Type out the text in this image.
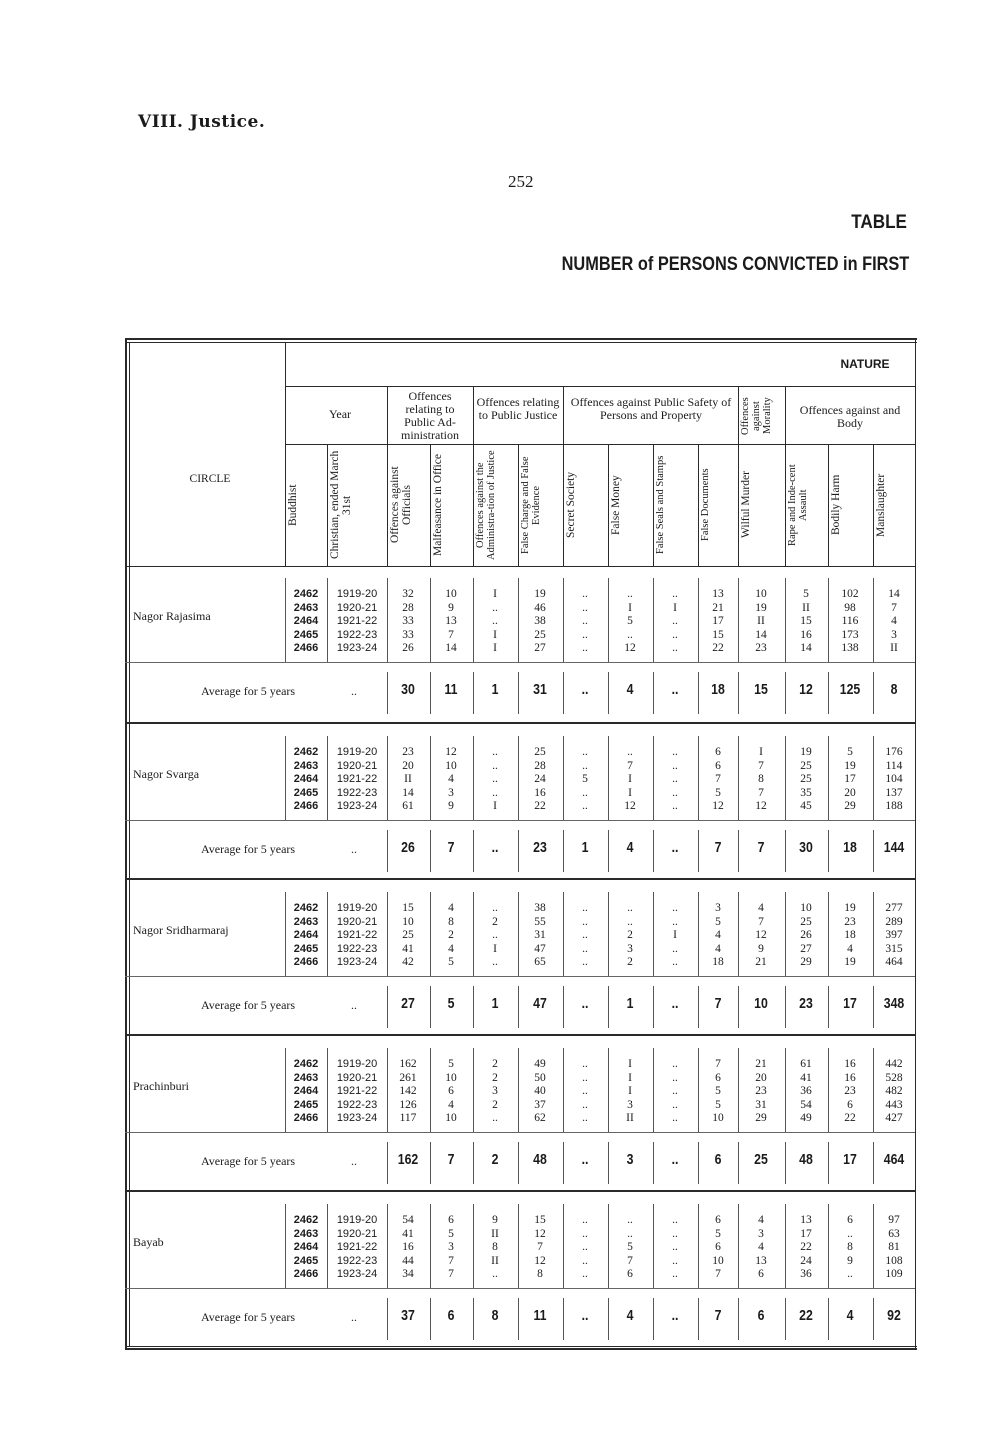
VIII. Justice.
252
TABLE
NUMBER of PERSONS CONVICTED in FIRST
NATURE
CIRCLE
Year
Offences relating to Public Ad-ministration
Offences relating to Public Justice
Offences against Public Safety of Persons and Property	Offences against Morality	Offences against and Body
Buddhist	Christian, ended March 31st	Offences against Officials	Malfeasance in Office	Offences against the Administra-tion of Justice	False Charge and False Evidence	Secret Society	False Money	False Seals and Stamps	False Documents	Wilful Murder	Rape and Inde-cent Assault	Bodily Harm	Manslaughter
Nagor Rajasima
2462	1919-20	32	10	I	19	..	..	..	13	10	5	102	14
2463	1920-21	28	9	..	46	..	I	I	21	19	II	98	7
2464	1921-22	33	13	..	38	..	5	..	17	II	15	116	4
2465	1922-23	33	7	I	25	..	..	..	15	14	16	173	3
2466	1923-24	26	14	I	27	..	12	..	22	23	14	138	II
Average for 5 years	..	30	11	1	31	..	4	..	18	15	12	125	8
Nagor Svarga
2462	1919-20	23	12	..	25	..	..	..	6	I	19	5	176
2463	1920-21	20	10	..	28	..	7	..	6	7	25	19	114
2464	1921-22	II	4	..	24	5	I	..	7	8	25	17	104
2465	1922-23	14	3	..	16	..	I	..	5	7	35	20	137
2466	1923-24	61	9	I	22	..	12	..	12	12	45	29	188
Average for 5 years	..	26	7	..	23	1	4	..	7	7	30	18	144
Nagor Sridharmaraj
2462	1919-20	15	4	..	38	..	..	..	3	4	10	19	277
2463	1920-21	10	8	2	55	..	..	..	5	7	25	23	289
2464	1921-22	25	2	..	31	..	2	I	4	12	26	18	397
2465	1922-23	41	4	I	47	..	3	..	4	9	27	4	315
2466	1923-24	42	5	..	65	..	2	..	18	21	29	19	464
Average for 5 years	..	27	5	1	47	..	1	..	7	10	23	17	348
Prachinburi
2462	1919-20	162	5	2	49	..	I	..	7	21	61	16	442
2463	1920-21	261	10	2	50	..	I	..	6	20	41	16	528
2464	1921-22	142	6	3	40	..	I	..	5	23	36	23	482
2465	1922-23	126	4	2	37	..	3	..	5	31	54	6	443
2466	1923-24	117	10	..	62	..	II	..	10	29	49	22	427
Average for 5 years	..	162	7	2	48	..	3	..	6	25	48	17	464
Bayab
2462	1919-20	54	6	9	15	..	..	..	6	4	13	6	97
2463	1920-21	41	5	II	12	..	..	..	5	3	17	..	63
2464	1921-22	16	3	8	7	..	5	..	6	4	22	8	81
2465	1922-23	44	7	II	12	..	7	..	10	13	24	9	108
2466	1923-24	34	7	..	8	..	6	..	7	6	36	..	109
Average for 5 years	..	37	6	8	11	..	4	..	7	6	22	4	92
